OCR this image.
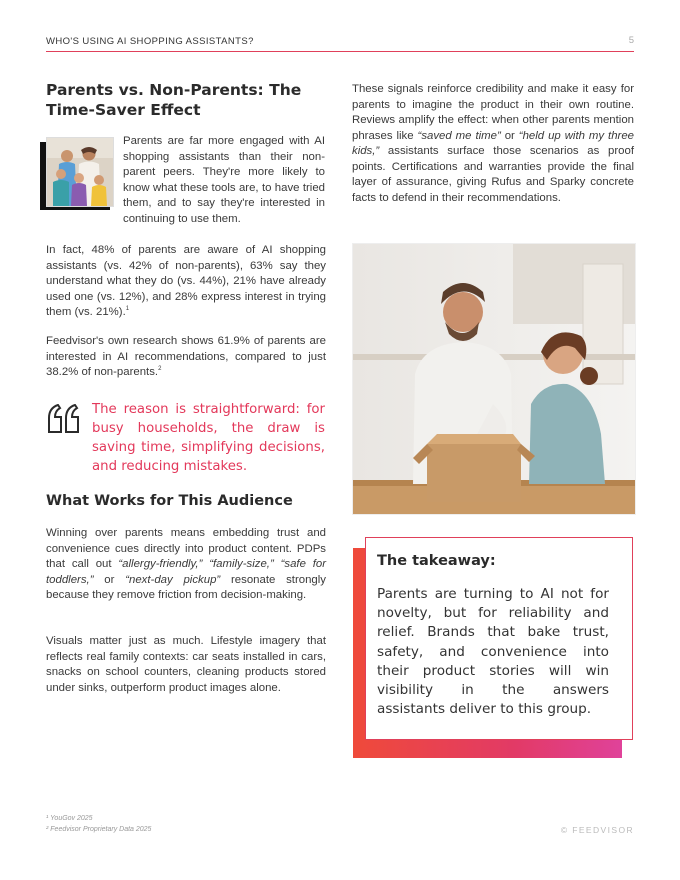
WHO'S USING AI SHOPPING ASSISTANTS?	5
Parents vs. Non-Parents: The Time-Saver Effect
Parents are far more engaged with AI shopping assistants than their non-parent peers. They're more likely to know what these tools are, to have tried them, and to say they're interested in continuing to use them.
In fact, 48% of parents are aware of AI shopping assistants (vs. 42% of non-parents), 63% say they understand what they do (vs. 44%), 21% have already used one (vs. 12%), and 28% express interest in trying them (vs. 21%).$^1$
Feedvisor's own research shows 61.9% of parents are interested in AI recommendations, compared to just 38.2% of non-parents.$^2$
The reason is straightforward: for busy households, the draw is saving time, simplifying decisions, and reducing mistakes.
What Works for This Audience
Winning over parents means embedding trust and convenience cues directly into product content. PDPs that call out “allergy-friendly,” “family-size,” “safe for toddlers,” or “next-day pickup” resonate strongly because they remove friction from decision-making.
Visuals matter just as much. Lifestyle imagery that reflects real family contexts: car seats installed in cars, snacks on school counters, cleaning products stored under sinks, outperform product images alone.
These signals reinforce credibility and make it easy for parents to imagine the product in their own routine. Reviews amplify the effect: when other parents mention phrases like “saved me time” or “held up with my three kids,” assistants surface those scenarios as proof points. Certifications and warranties provide the final layer of assurance, giving Rufus and Sparky concrete facts to defend in their recommendations.
The takeaway:
Parents are turning to AI not for novelty, but for reliability and relief. Brands that bake trust, safety, and convenience into their product stories will win visibility in the answers assistants deliver to this group.
¹ YouGov 2025
² Feedvisor Proprietary Data 2025	© FEEDVISOR
